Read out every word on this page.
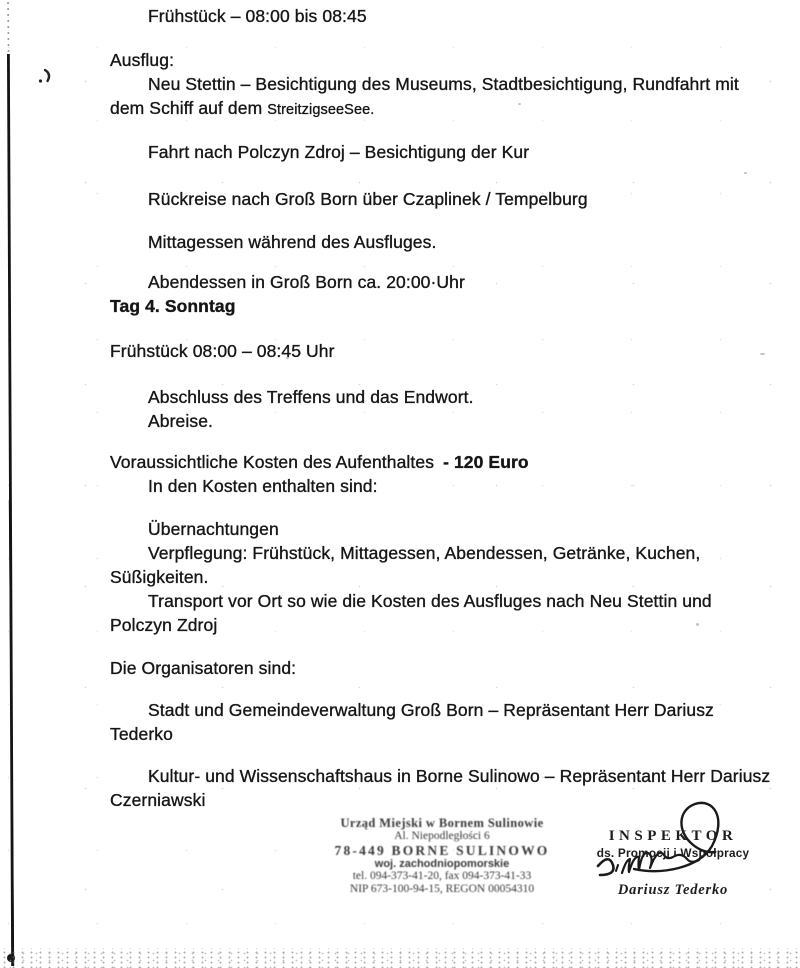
Frühstück – 08:00 bis 08:45
Ausflug:
Neu Stettin – Besichtigung des Museums, Stadtbesichtigung, Rundfahrt mit
dem Schiff auf dem StreitzigseeSee.
Fahrt nach Polczyn Zdroj – Besichtigung der Kur
Rückreise nach Groß Born über Czaplinek / Tempelburg
Mittagessen während des Ausfluges.
Abendessen in Groß Born ca. 20:00·Uhr
Tag 4. Sonntag
Frühstück 08:00 – 08:45 Uhr
Abschluss des Treffens und das Endwort.
Abreise.
Voraussichtliche Kosten des Aufenthaltes - 120 Euro
In den Kosten enthalten sind:
Übernachtungen
Verpflegung: Frühstück, Mittagessen, Abendessen, Getränke, Kuchen,
Süßigkeiten.
Transport vor Ort so wie die Kosten des Ausfluges nach Neu Stettin und
Polczyn Zdroj
Die Organisatoren sind:
Stadt und Gemeindeverwaltung Groß Born – Repräsentant Herr Dariusz
Tederko
Kultur- und Wissenschaftshaus in Borne Sulinowo – Repräsentant Herr Dariusz
Czerniawski
Urząd Miejski w Bornem Sulinowie
Al. Niepodległości 6
78-449 BORNE SULINOWO
woj. zachodniopomorskie
tel. 094-373-41-20, fax 094-373-41-33
NIP 673-100-94-15, REGON 00054310
INSPEKTOR
ds. Promocji i Współpracy
Dariusz Tederko
